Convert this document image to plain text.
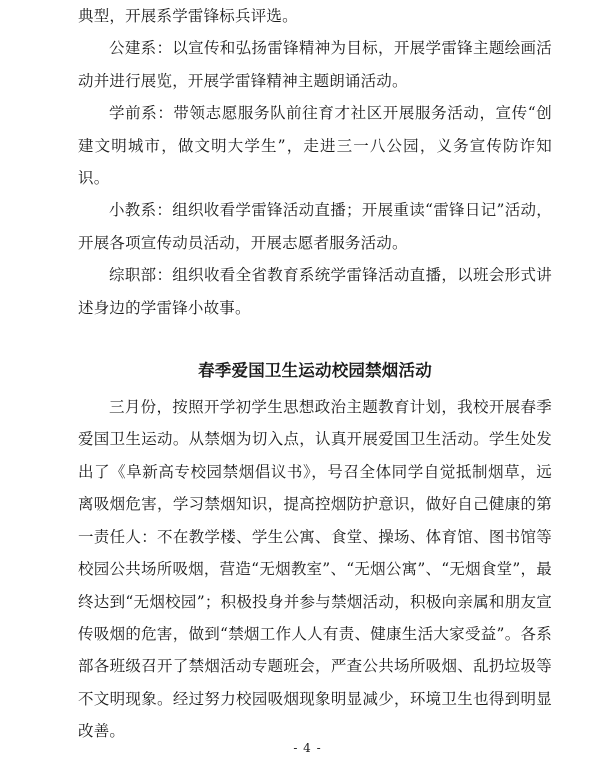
典型，开展系学雷锋标兵评选。

公建系：以宣传和弘扬雷锋精神为目标，开展学雷锋主题绘画活动并进行展览，开展学雷锋精神主题朗诵活动。

学前系：带领志愿服务队前往育才社区开展服务活动，宣传“创建文明城市，做文明大学生”，走进三一八公园，义务宣传防诈知识。

小教系：组织收看学雷锋活动直播；开展重读“雷锋日记”活动，开展各项宣传动员活动，开展志愿者服务活动。

综职部：组织收看全省教育系统学雷锋活动直播，以班会形式讲述身边的学雷锋小故事。

春季爱国卫生运动校园禁烟活动

三月份，按照开学初学生思想政治主题教育计划，我校开展春季爱国卫生运动。从禁烟为切入点，认真开展爱国卫生活动。学生处发出了《阜新高专校园禁烟倡议书》，号召全体同学自觉抵制烟草，远离吸烟危害，学习禁烟知识，提高控烟防护意识，做好自己健康的第一责任人：不在教学楼、学生公寓、食堂、操场、体育馆、图书馆等校园公共场所吸烟，营造“无烟教室”、“无烟公寓”、“无烟食堂”，最终达到“无烟校园”；积极投身并参与禁烟活动，积极向亲属和朋友宣传吸烟的危害，做到“禁烟工作人人有责、健康生活大家受益”。各系部各班级召开了禁烟活动专题班会，严查公共场所吸烟、乱扔垃圾等不文明现象。经过努力校园吸烟现象明显减少，环境卫生也得到明显改善。

- 4 -
